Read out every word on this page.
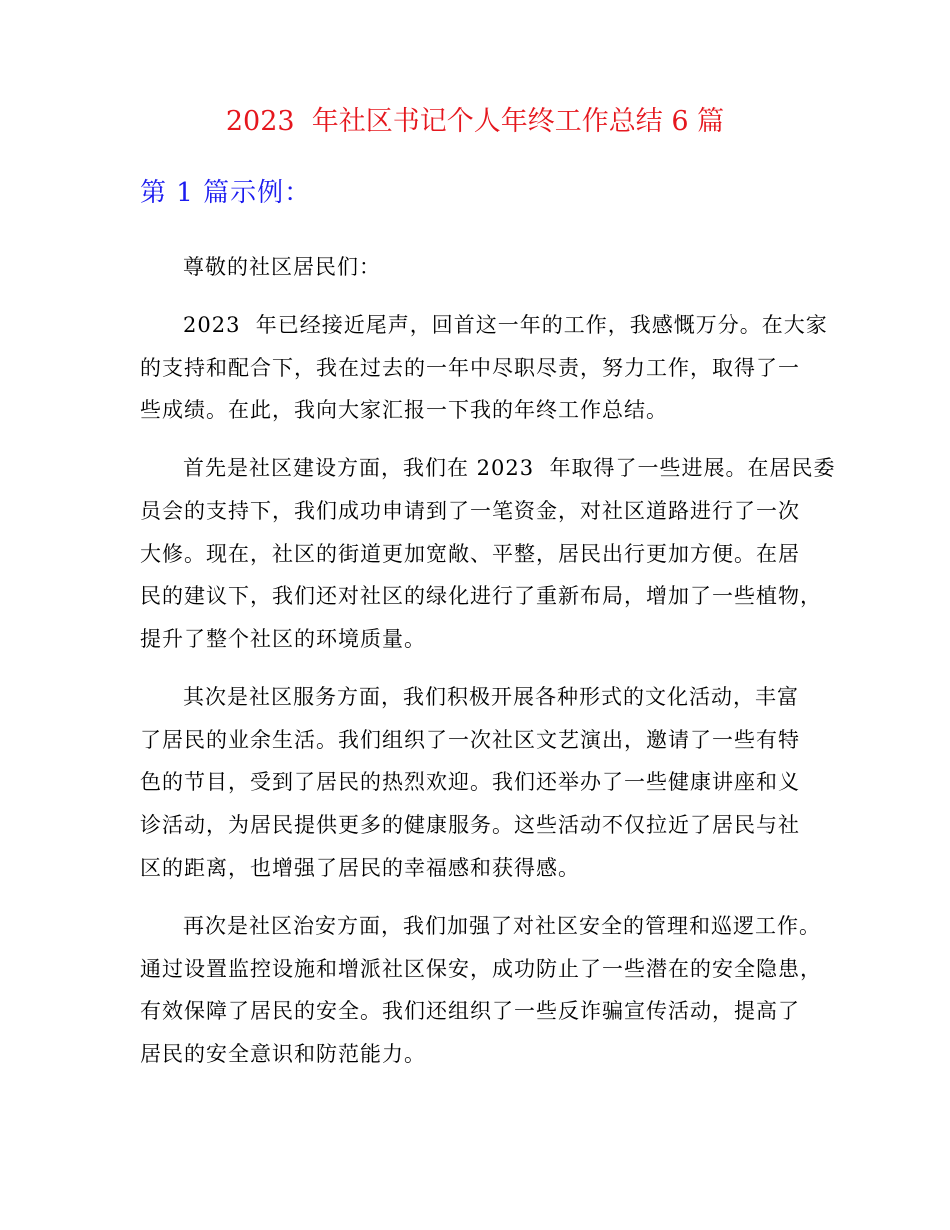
2023  年社区书记个人年终工作总结 6 篇
第 1 篇示例：
尊敬的社区居民们：
2023  年已经接近尾声，回首这一年的工作，我感慨万分。在大家
的支持和配合下，我在过去的一年中尽职尽责，努力工作，取得了一
些成绩。在此，我向大家汇报一下我的年终工作总结。
首先是社区建设方面，我们在 2023  年取得了一些进展。在居民委
员会的支持下，我们成功申请到了一笔资金，对社区道路进行了一次
大修。现在，社区的街道更加宽敞、平整，居民出行更加方便。在居
民的建议下，我们还对社区的绿化进行了重新布局，增加了一些植物，
提升了整个社区的环境质量。
其次是社区服务方面，我们积极开展各种形式的文化活动，丰富
了居民的业余生活。我们组织了一次社区文艺演出，邀请了一些有特
色的节目，受到了居民的热烈欢迎。我们还举办了一些健康讲座和义
诊活动，为居民提供更多的健康服务。这些活动不仅拉近了居民与社
区的距离，也增强了居民的幸福感和获得感。
再次是社区治安方面，我们加强了对社区安全的管理和巡逻工作。
通过设置监控设施和增派社区保安，成功防止了一些潜在的安全隐患，
有效保障了居民的安全。我们还组织了一些反诈骗宣传活动，提高了
居民的安全意识和防范能力。
